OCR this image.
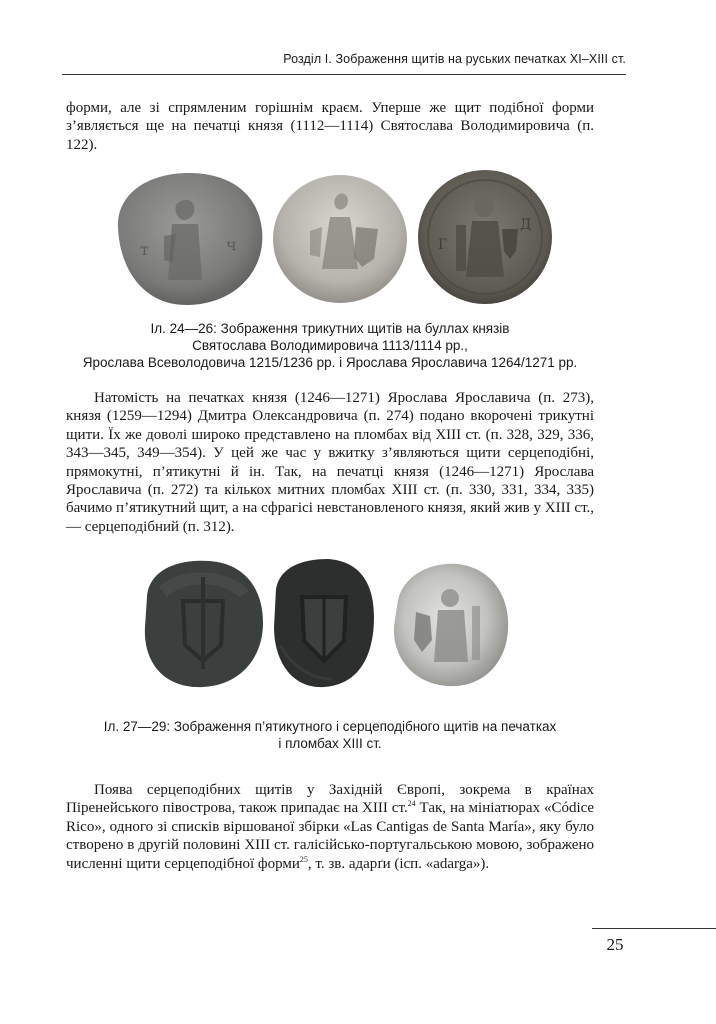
Розділ І. Зображення щитів на руських печатках ХІ–ХІІІ ст.

форми, але зі спрямленим горішнім краєм. Уперше же щит подібної форми з’являється ще на печатці князя (1112—1114) Святослава Володимировича (п. 122).

т	ч	Г
Д
Іл. 24—26: Зображення трикутних щитів на буллах князів
Святослава Володимировича 1113/1114 рр.,
Ярослава Всеволодовича 1215/1236 рр. і Ярослава Ярославича 1264/1271 рр.

Натомість на печатках князя (1246—1271) Ярослава Ярославича (п. 273), князя (1259—1294) Дмитра Олександровича (п. 274) подано вкорочені трикутні щити. Їх же доволі широко представлено на пломбах від ХІІІ ст. (п. 328, 329, 336, 343—345, 349—354). У цей же час у вжитку з’являються щити серцеподібні, прямокутні, п’ятикутні й ін. Так, на печатці князя (1246—1271) Ярослава Ярославича (п. 272) та кількох митних пломбах ХІІІ ст. (п. 330, 331, 334, 335) бачимо п’ятикутний щит, а на сфрагісі невстановленого князя, який жив у ХІІІ ст., — серцеподібний (п. 312).

Іл. 27—29: Зображення п’ятикутного і серцеподібного щитів на печатках
і пломбах ХІІІ ст.

Поява серцеподібних щитів у Західній Європі, зокрема в країнах Піренейського півострова, також припадає на ХІІІ ст.$^{24}$ Так, на мініатюрах «Códice Rico», одного зі списків віршованої збірки «Las Cantigas de Santa María», яку було створено в другій половині ХІІІ ст. галісійсько-португальською мовою, зображено численні щити серцеподібної форми$^{25}$, т. зв. адарґи (ісп. «adarga»).

25
